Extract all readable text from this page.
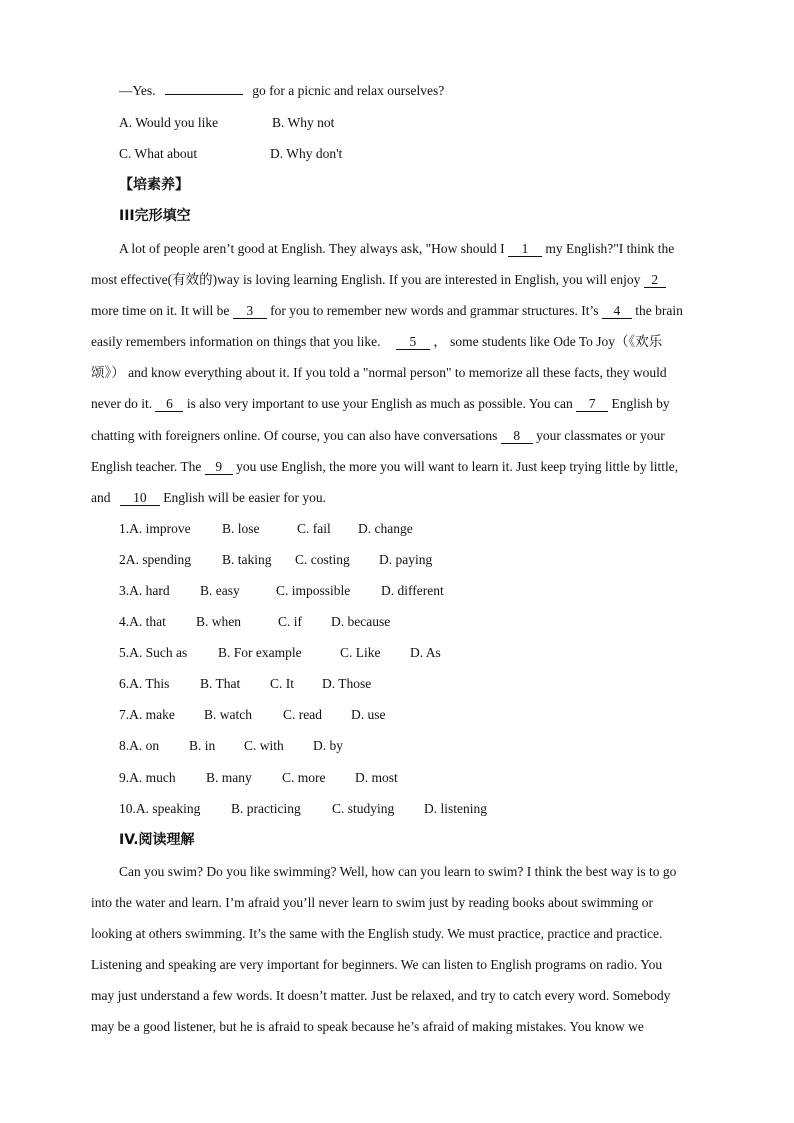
—Yes.	go for a picnic and relax ourselves?
A. Would you like	B. Why not
C. What about	D. Why don't
【培素养】
III完形填空
A lot of people aren’t good at English. They always ask, "How should I 1 my English?"I think the
most effective(有效的)way is loving learning English. If you are interested in English, you will enjoy 2
more time on it. It will be 3 for you to remember new words and grammar structures. It’s 4 the brain
easily remembers information on things that you like. 5 ， some students like Ode To Joy（《欢乐
颂》） and know everything about it. If you told a "normal person" to memorize all these facts, they would
never do it. 6 is also very important to use your English as much as possible. You can 7 English by
chatting with foreigners online. Of course, you can also have conversations 8 your classmates or your
English teacher. The 9 you use English, the more you will want to learn it. Just keep trying little by little,
and 10 English will be easier for you.
1.A. improve B. lose	C. fail D. change
2A. spending B. taking C. costing D. paying
3.A. hard B. easy	C. impossible D. different
4.A. that B. when	C. if D. because
5.A. Such as B. For example	C. Like D. As
6.A. This B. That C. It D. Those
7.A. make B. watch C. read D. use
8.A. on B. in C. with D. by
9.A. much B. many C. more D. most
10.A. speaking B. practicing C. studying D. listening
IV.阅读理解
Can you swim? Do you like swimming? Well, how can you learn to swim? I think the best way is to go
into the water and learn. I’m afraid you’ll never learn to swim just by reading books about swimming or
looking at others swimming. It’s the same with the English study. We must practice, practice and practice.
Listening and speaking are very important for beginners. We can listen to English programs on radio. You
may just understand a few words. It doesn’t matter. Just be relaxed, and try to catch every word. Somebody
may be a good listener, but he is afraid to speak because he’s afraid of making mistakes. You know we
